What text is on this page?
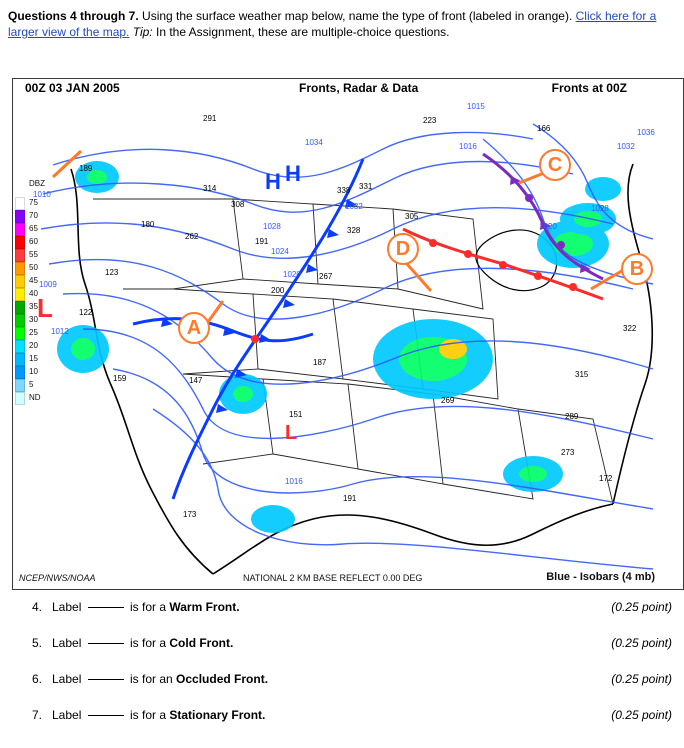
Questions 4 through 7. Using the surface weather map below, name the type of front (labeled in orange). Click here for a larger view of the map. Tip: In the Assignment, these are multiple-choice questions.
H
H
L
L
1034
1032
1024
1020
1028
1016
1012
1010
1009
1015
1016
1020
1028
1032
1036
291	223
166
189
314
308
338 331
305
328
180
262
191
267
200
123
122
159	147
187
151
269
273
173
191
322
315
289
172
00Z 03 JAN 2005	Fronts, Radar & Data	Fronts at 00Z
DBZ
75
70
65
60
55
50
45
40
35
30
25
20
15
10
5
ND
A
B
C
D
NCEP/NWS/NOAA	NATIONAL 2 KM BASE REFLECT 0.00 DEG	Blue - Isobars (4 mb)
4. Label	is for a Warm Front.	(0.25 point)
5. Label	is for a Cold Front.	(0.25 point)
6. Label	is for an Occluded Front.	(0.25 point)
7. Label	is for a Stationary Front.	(0.25 point)
